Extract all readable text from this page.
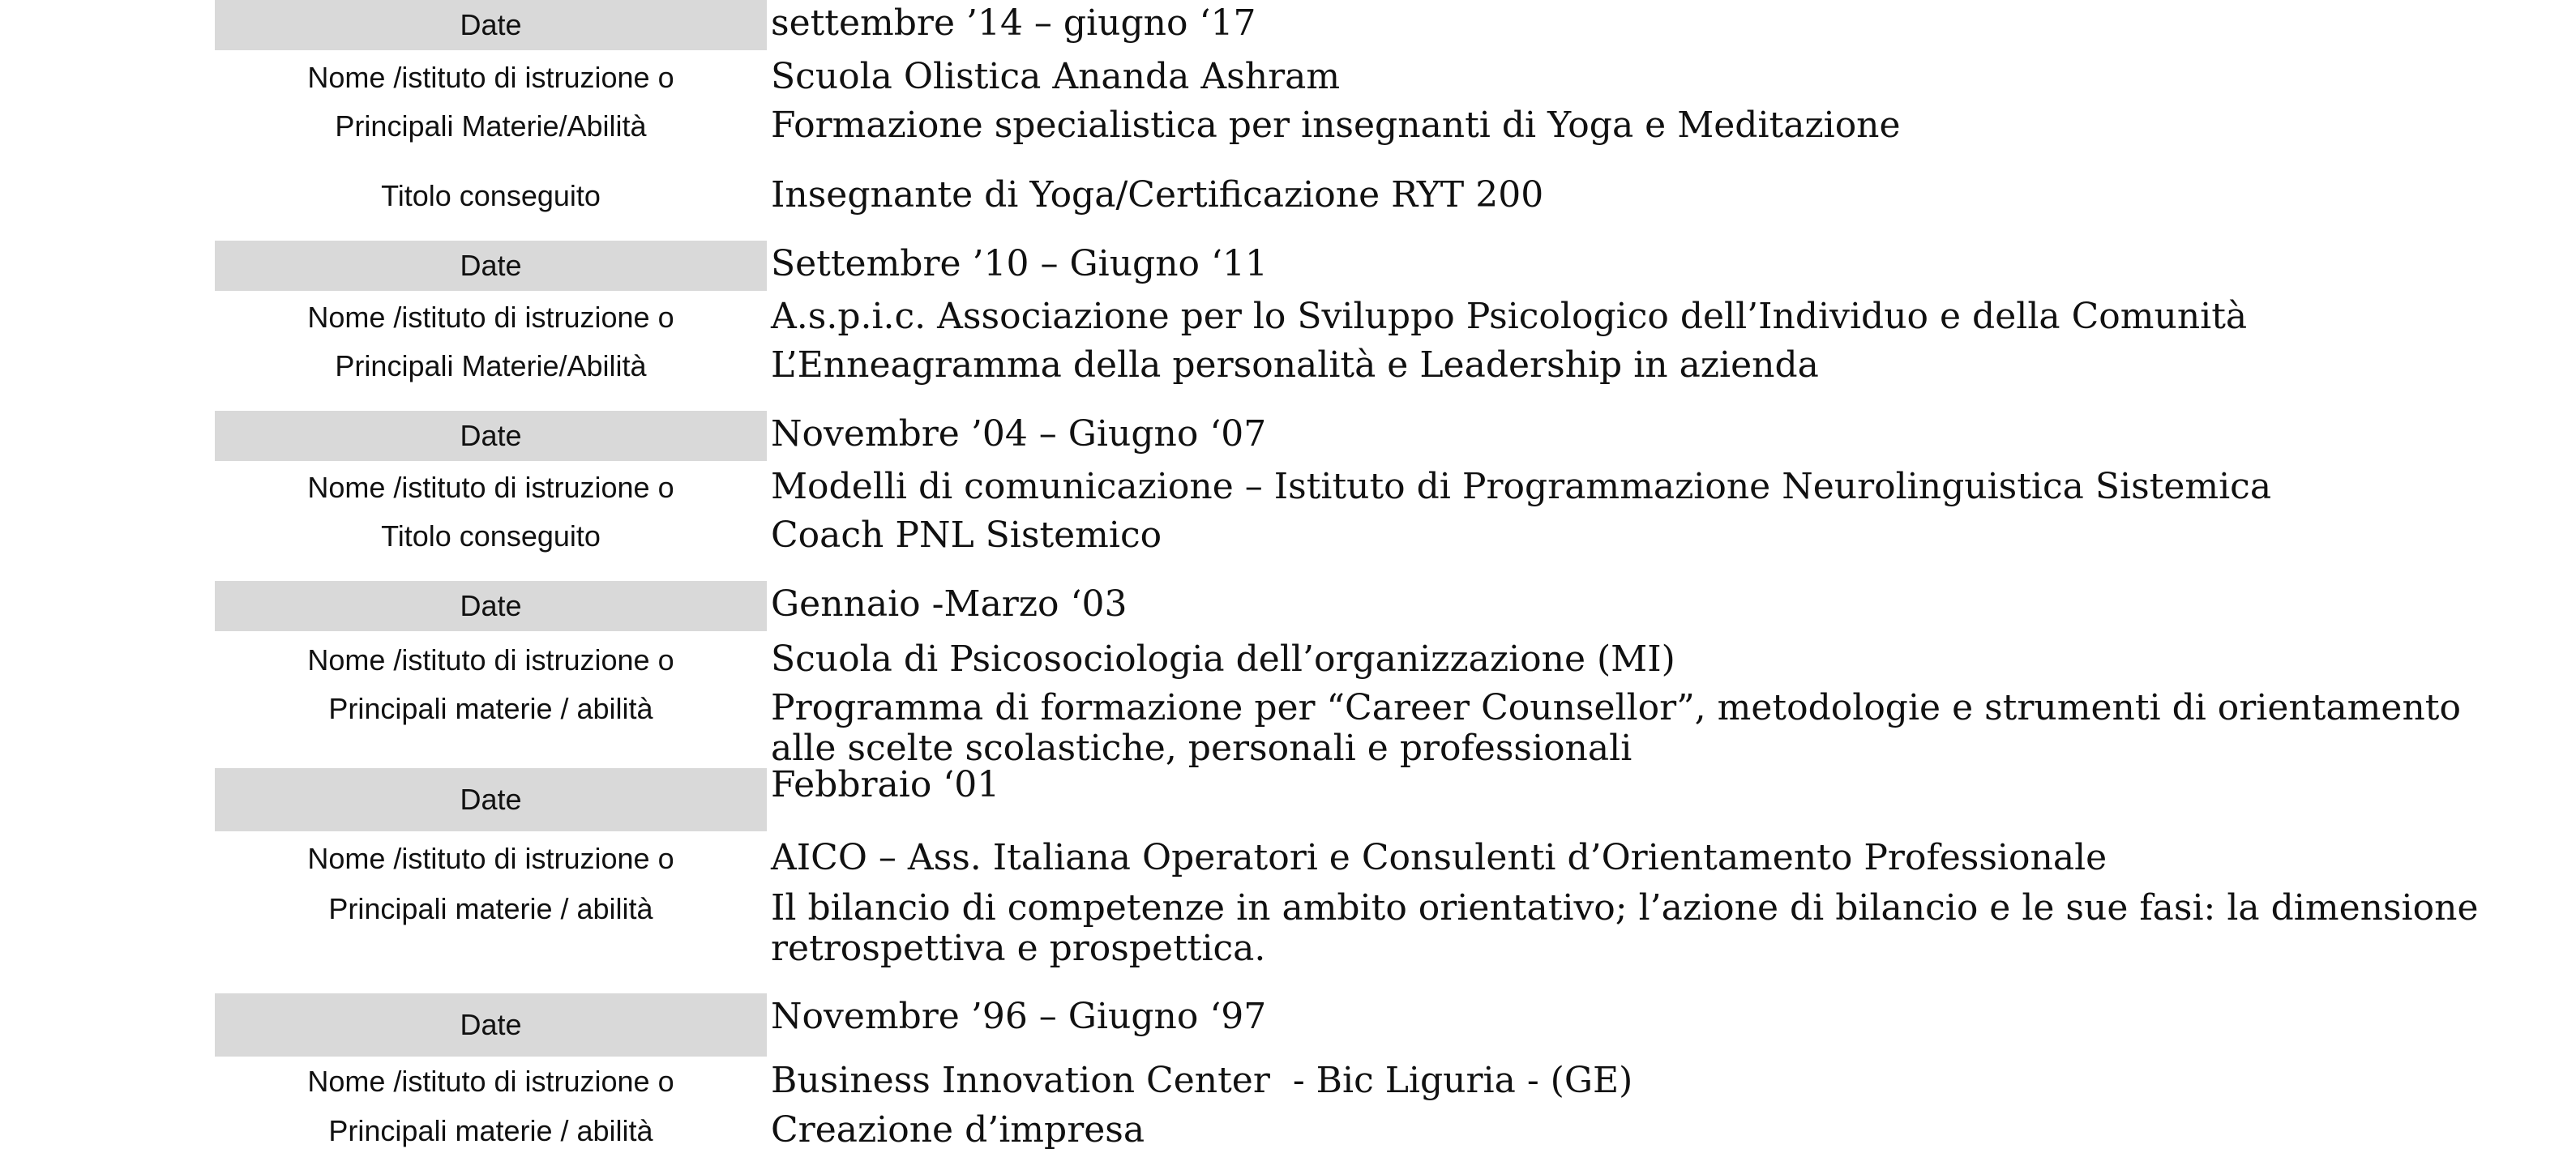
Date	settembre ’14 – giugno ‘17
Nome /istituto di istruzione o	Scuola Olistica Ananda Ashram
Principali Materie/Abilità	Formazione specialistica per insegnanti di Yoga e Meditazione
Titolo conseguito	Insegnante di Yoga/Certificazione RYT 200
Date	Settembre ’10 – Giugno ‘11
Nome /istituto di istruzione o	A.s.p.i.c. Associazione per lo Sviluppo Psicologico dell’Individuo e della Comunità
Principali Materie/Abilità	L’Enneagramma della personalità e Leadership in azienda
Date	Novembre ’04 – Giugno ‘07
Nome /istituto di istruzione o	Modelli di comunicazione – Istituto di Programmazione Neurolinguistica Sistemica
Titolo conseguito	Coach PNL Sistemico
Date	Gennaio -Marzo ‘03
Nome /istituto di istruzione o	Scuola di Psicosociologia dell’organizzazione (MI)
Principali materie / abilità	Programma di formazione per “Career Counsellor”, metodologie e strumenti di orientamento alle scelte scolastiche, personali e professionali
Date	Febbraio ‘01
Nome /istituto di istruzione o	AICO – Ass. Italiana Operatori e Consulenti d’Orientamento Professionale
Principali materie / abilità	Il bilancio di competenze in ambito orientativo; l’azione di bilancio e le sue fasi: la dimensione retrospettiva e prospettica.
Date	Novembre ’96 – Giugno ‘97
Nome /istituto di istruzione o	Business Innovation Center  - Bic Liguria - (GE)
Principali materie / abilità	Creazione d’impresa
